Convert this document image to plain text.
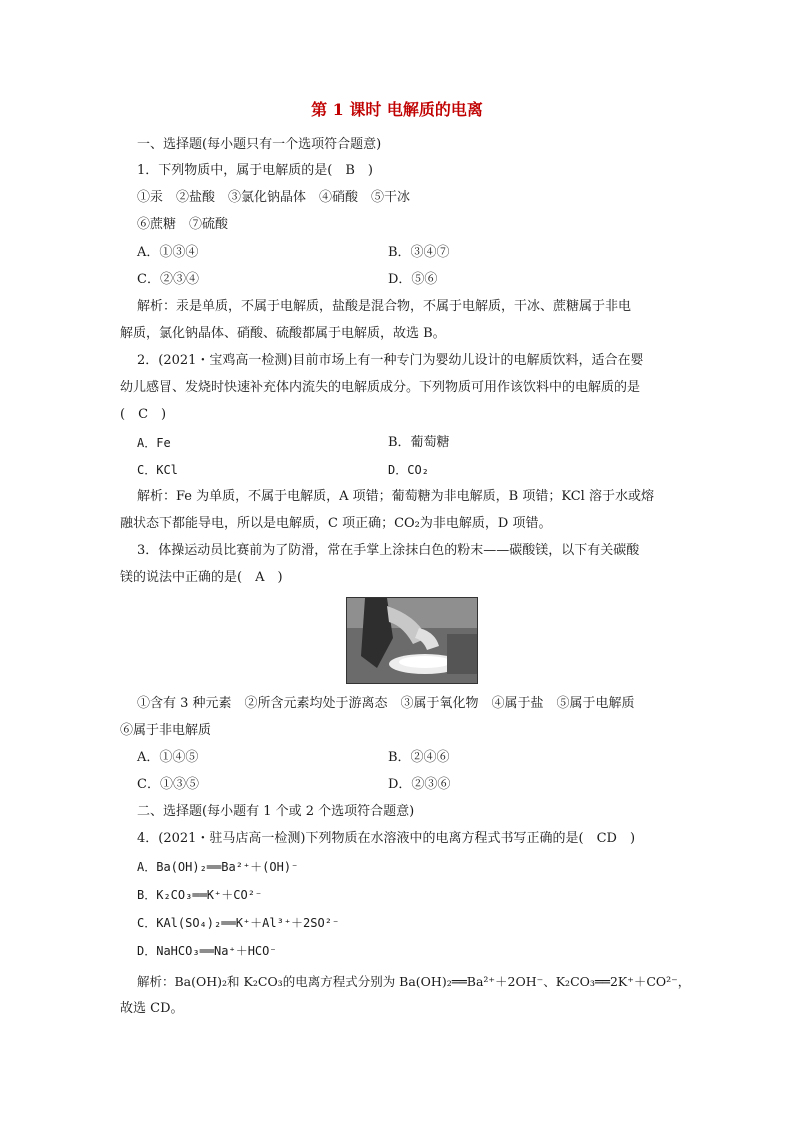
第 1 课时 电解质的电离
一、选择题(每小题只有一个选项符合题意)
1．下列物质中，属于电解质的是(　B　)
①汞　②盐酸　③氯化钠晶体　④硝酸　⑤干冰
⑥蔗糖　⑦硫酸
A．①③④	B．③④⑦
C．②③④	D．⑤⑥
解析：汞是单质，不属于电解质，盐酸是混合物，不属于电解质，干冰、蔗糖属于非电
解质，氯化钠晶体、硝酸、硫酸都属于电解质，故选 B。
2．(2021・宝鸡高一检测)目前市场上有一种专门为婴幼儿设计的电解质饮料，适合在婴
幼儿感冒、发烧时快速补充体内流失的电解质成分。下列物质可用作该饮料中的电解质的是
(　C　)
A．Fe	B．葡萄糖
C．KCl	D．CO₂
解析：Fe 为单质，不属于电解质，A 项错；葡萄糖为非电解质，B 项错；KCl 溶于水或熔
融状态下都能导电，所以是电解质，C 项正确；CO₂为非电解质，D 项错。
3．体操运动员比赛前为了防滑，常在手掌上涂抹白色的粉末——碳酸镁，以下有关碳酸
镁的说法中正确的是(　A　)
①含有 3 种元素　②所含元素均处于游离态　③属于氧化物　④属于盐　⑤属于电解质
⑥属于非电解质
A．①④⑤	B．②④⑥
C．①③⑤	D．②③⑥
二、选择题(每小题有 1 个或 2 个选项符合题意)
4．(2021・驻马店高一检测)下列物质在水溶液中的电离方程式书写正确的是(　CD　)
A．Ba(OH)₂══Ba²⁺＋(OH)⁻
B．K₂CO₃══K⁺＋CO²⁻
C．KAl(SO₄)₂══K⁺＋Al³⁺＋2SO²⁻
D．NaHCO₃══Na⁺＋HCO⁻
解析：Ba(OH)₂和 K₂CO₃的电离方程式分别为 Ba(OH)₂══Ba²⁺＋2OH⁻、K₂CO₃══2K⁺＋CO²⁻，
故选 CD。
